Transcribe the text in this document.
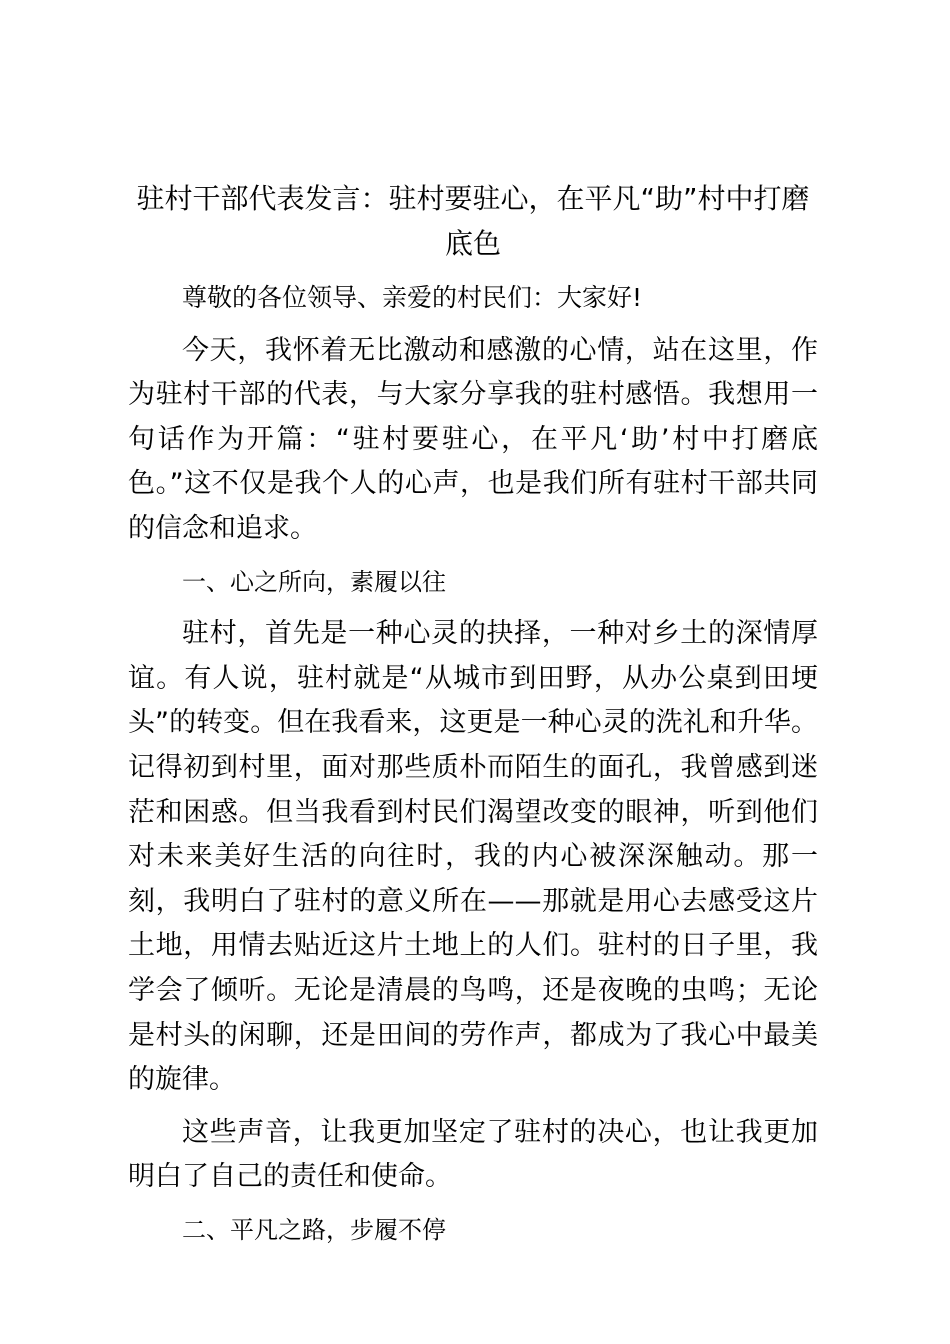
驻村干部代表发言：驻村要驻心，在平凡“助”村中打磨底色

尊敬的各位领导、亲爱的村民们：大家好!

今天，我怀着无比激动和感激的心情，站在这里，作为驻村干部的代表，与大家分享我的驻村感悟。我想用一句话作为开篇：“驻村要驻心，在平凡‘助’村中打磨底色。”这不仅是我个人的心声，也是我们所有驻村干部共同的信念和追求。

一、心之所向，素履以往

驻村，首先是一种心灵的抉择，一种对乡土的深情厚谊。有人说，驻村就是“从城市到田野，从办公桌到田埂头”的转变。但在我看来，这更是一种心灵的洗礼和升华。记得初到村里，面对那些质朴而陌生的面孔，我曾感到迷茫和困惑。但当我看到村民们渴望改变的眼神，听到他们对未来美好生活的向往时，我的内心被深深触动。那一刻，我明白了驻村的意义所在——那就是用心去感受这片土地，用情去贴近这片土地上的人们。驻村的日子里，我学会了倾听。无论是清晨的鸟鸣，还是夜晚的虫鸣；无论是村头的闲聊，还是田间的劳作声，都成为了我心中最美的旋律。

这些声音，让我更加坚定了驻村的决心，也让我更加明白了自己的责任和使命。

二、平凡之路，步履不停
